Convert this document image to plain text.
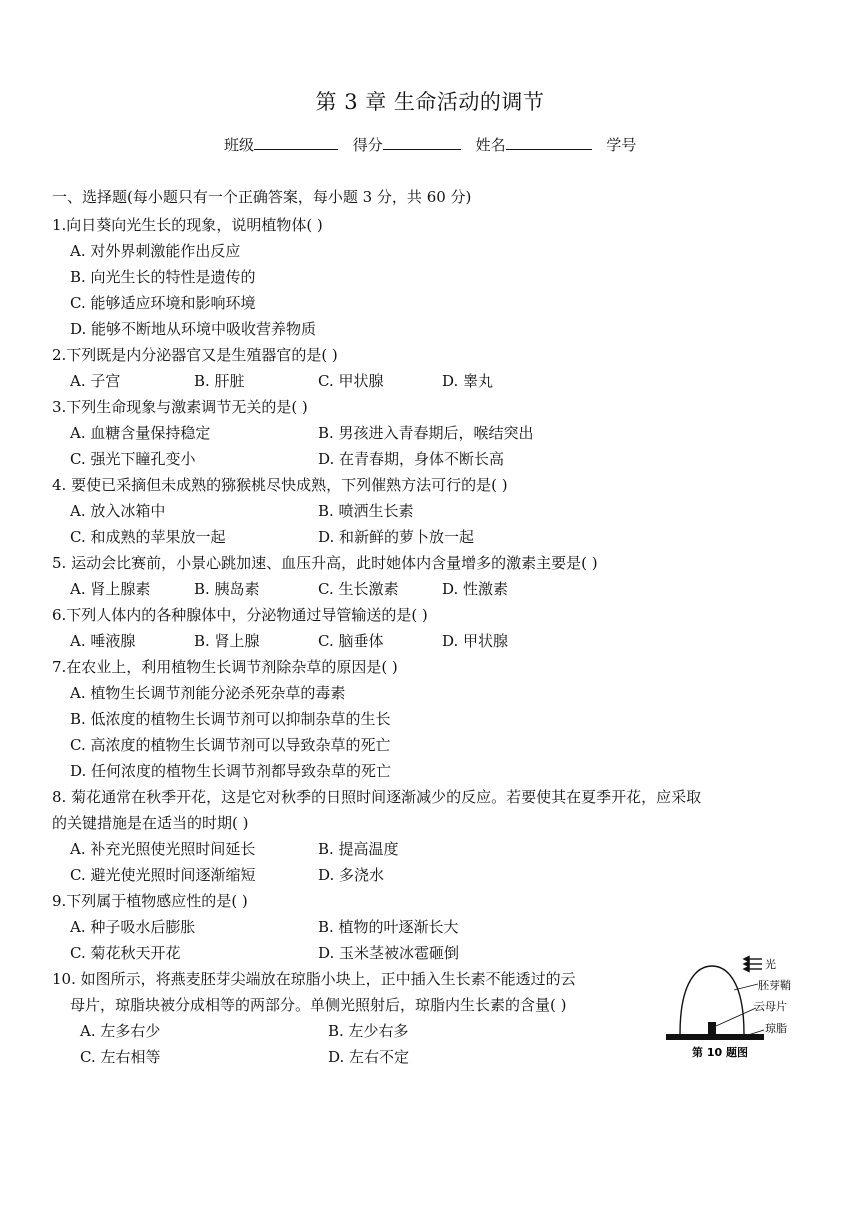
第 3 章 生命活动的调节
班级	得分	姓名	学号
一、选择题(每小题只有一个正确答案，每小题 3 分，共 60 分)
1.向日葵向光生长的现象，说明植物体( )
A. 对外界刺激能作出反应
B. 向光生长的特性是遗传的
C. 能够适应环境和影响环境
D. 能够不断地从环境中吸收营养物质
2.下列既是内分泌器官又是生殖器官的是( )
A. 子宫	B. 肝脏	C. 甲状腺	D. 睾丸
3.下列生命现象与激素调节无关的是( )
A. 血糖含量保持稳定	B. 男孩进入青春期后，喉结突出
C. 强光下瞳孔变小	D. 在青春期，身体不断长高
4. 要使已采摘但未成熟的猕猴桃尽快成熟，下列催熟方法可行的是( )
A. 放入冰箱中	B. 喷洒生长素
C. 和成熟的苹果放一起	D. 和新鲜的萝卜放一起
5. 运动会比赛前，小景心跳加速、血压升高，此时她体内含量增多的激素主要是( )
A. 肾上腺素	B. 胰岛素	C. 生长激素	D. 性激素
6.下列人体内的各种腺体中，分泌物通过导管输送的是( )
A. 唾液腺	B. 肾上腺	C. 脑垂体	D. 甲状腺
7.在农业上，利用植物生长调节剂除杂草的原因是( )
A. 植物生长调节剂能分泌杀死杂草的毒素
B. 低浓度的植物生长调节剂可以抑制杂草的生长
C. 高浓度的植物生长调节剂可以导致杂草的死亡
D. 任何浓度的植物生长调节剂都导致杂草的死亡
8. 菊花通常在秋季开花，这是它对秋季的日照时间逐渐减少的反应。若要使其在夏季开花，应采取
的关键措施是在适当的时期( )
A. 补充光照使光照时间延长	B. 提高温度
C. 避光使光照时间逐渐缩短	D. 多浇水
9.下列属于植物感应性的是( )
A. 种子吸水后膨胀	B. 植物的叶逐渐长大
C. 菊花秋天开花	D. 玉米茎被冰雹砸倒
10. 如图所示，将燕麦胚芽尖端放在琼脂小块上，正中插入生长素不能透过的云
母片，琼脂块被分成相等的两部分。单侧光照射后，琼脂内生长素的含量( )
A. 左多右少	B. 左少右多
C. 左右相等	D. 左右不定
光
胚芽鞘
云母片
琼脂
第 10 题图
